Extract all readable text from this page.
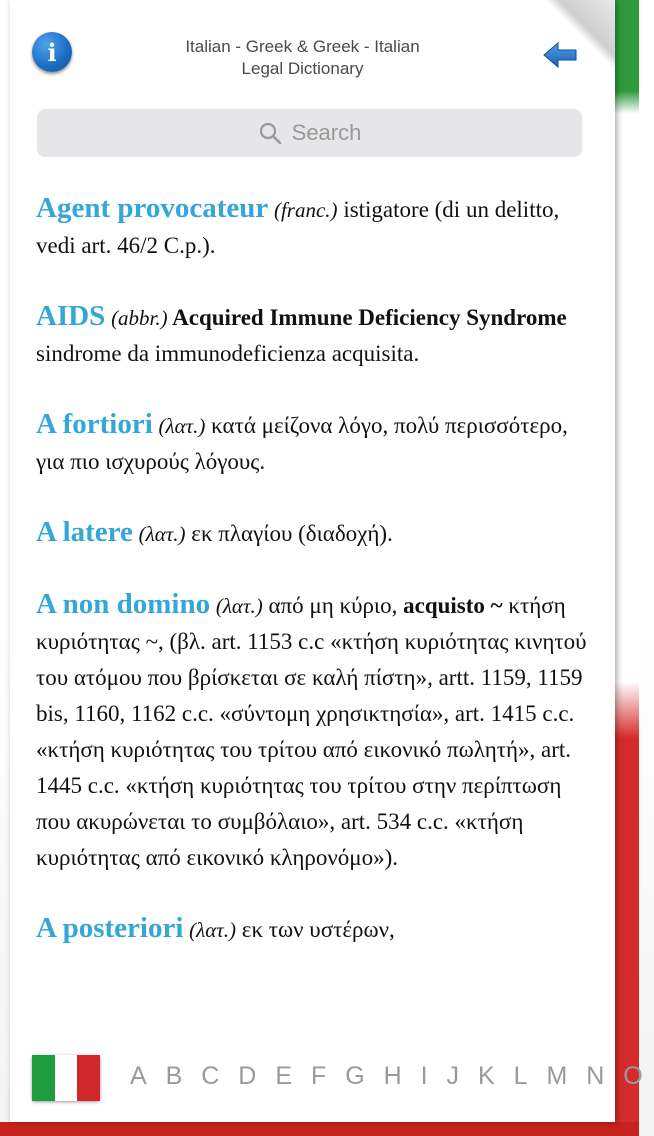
i	Italian - Greek & Greek - Italian
Legal Dictionary
Search
Agent provocateur (franc.) istigatore (di un delitto, vedi art. 46/2 C.p.).
AIDS (abbr.) Acquired Immune Deficiency Syndrome sindrome da immunodeficienza acquisita.
A fortiori (λατ.) κατά μείζονα λόγο, πολύ περισσότερο, για πιο ισχυρούς λόγους.
A latere (λατ.) εκ πλαγίου (διαδοχή).
A non domino (λατ.) από μη κύριο, acquisto ~ κτήση κυριότητας ~, (βλ. art. 1153 c.c «κτήση κυριότητας κινητού του ατόμου που βρίσκεται σε καλή πίστη», artt. 1159, 1159 bis, 1160, 1162 c.c. «σύντομη χρησικτησία», art. 1415 c.c. «κτήση κυριότητας του τρίτου από εικονικό πωλητή», art. 1445 c.c. «κτήση κυριότητας του τρίτου στην περίπτωση που ακυρώνεται το συμβόλαιο», art. 534 c.c. «κτήση κυριότητας από εικονικό κληρονόμο»).
A posteriori (λατ.) εκ των υστέρων,
A B C D E F G H I J K L M N O
